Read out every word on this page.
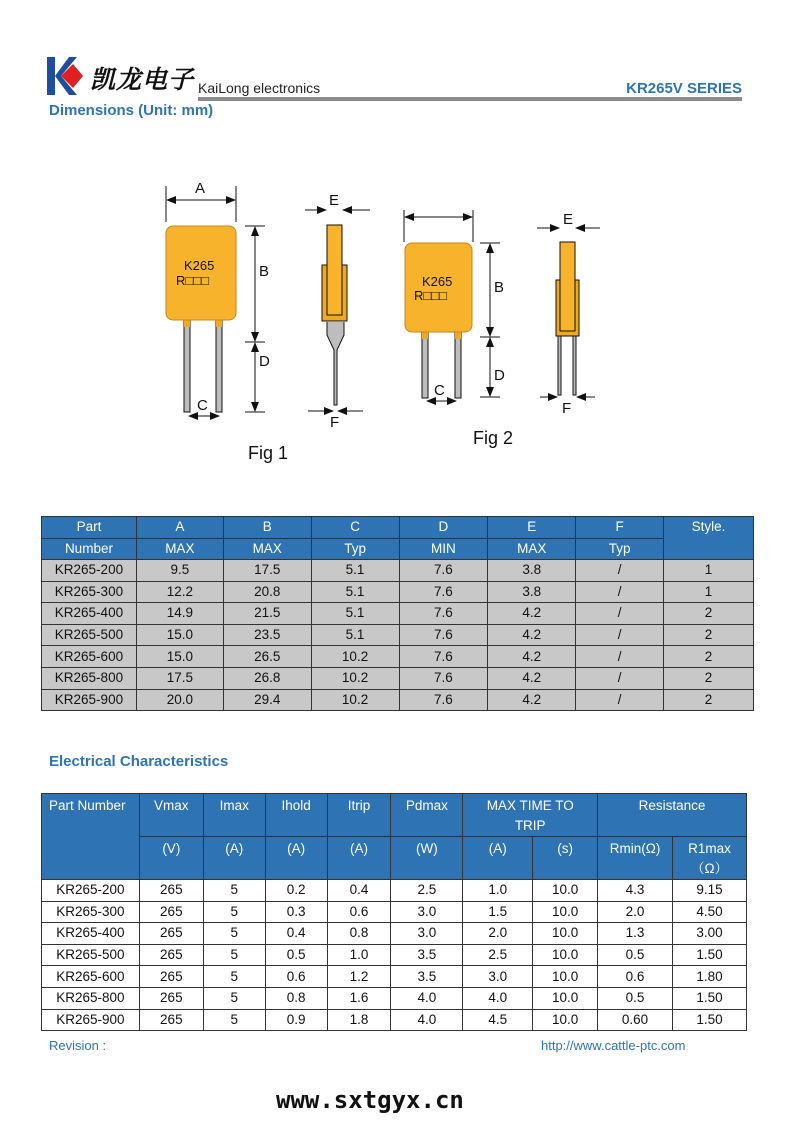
凯龙电子 KaiLong electronics	KR265V SERIES
Dimensions (Unit: mm)
A
B
D
C
E
F
B
D
C
E
F
K265
R□□□	K265
R□□□
Fig 1
Fig 2
Part	A	B	C	D	E	F	Style.
Number	MAX	MAX	Typ	MIN	MAX	Typ	
KR265-200	9.5	17.5	5.1	7.6	3.8	/	1
KR265-300	12.2	20.8	5.1	7.6	3.8	/	1
KR265-400	14.9	21.5	5.1	7.6	4.2	/	2
KR265-500	15.0	23.5	5.1	7.6	4.2	/	2
KR265-600	15.0	26.5	10.2	7.6	4.2	/	2
KR265-800	17.5	26.8	10.2	7.6	4.2	/	2
KR265-900	20.0	29.4	10.2	7.6	4.2	/	2
Electrical Characteristics
Part Number	Vmax	Imax	Ihold	Itrip	Pdmax	MAX TIME TO TRIP		Resistance	
	(V)	(A)	(A)	(A)	(W)	(A)	(s)	Rmin(Ω)	R1max（Ω）
KR265-200	265	5	0.2	0.4	2.5	1.0	10.0	4.3	9.15
KR265-300	265	5	0.3	0.6	3.0	1.5	10.0	2.0	4.50
KR265-400	265	5	0.4	0.8	3.0	2.0	10.0	1.3	3.00
KR265-500	265	5	0.5	1.0	3.5	2.5	10.0	0.5	1.50
KR265-600	265	5	0.6	1.2	3.5	3.0	10.0	0.6	1.80
KR265-800	265	5	0.8	1.6	4.0	4.0	10.0	0.5	1.50
KR265-900	265	5	0.9	1.8	4.0	4.5	10.0	0.60	1.50
Revision :	http://www.cattle-ptc.com
www.sxtgyx.cn
